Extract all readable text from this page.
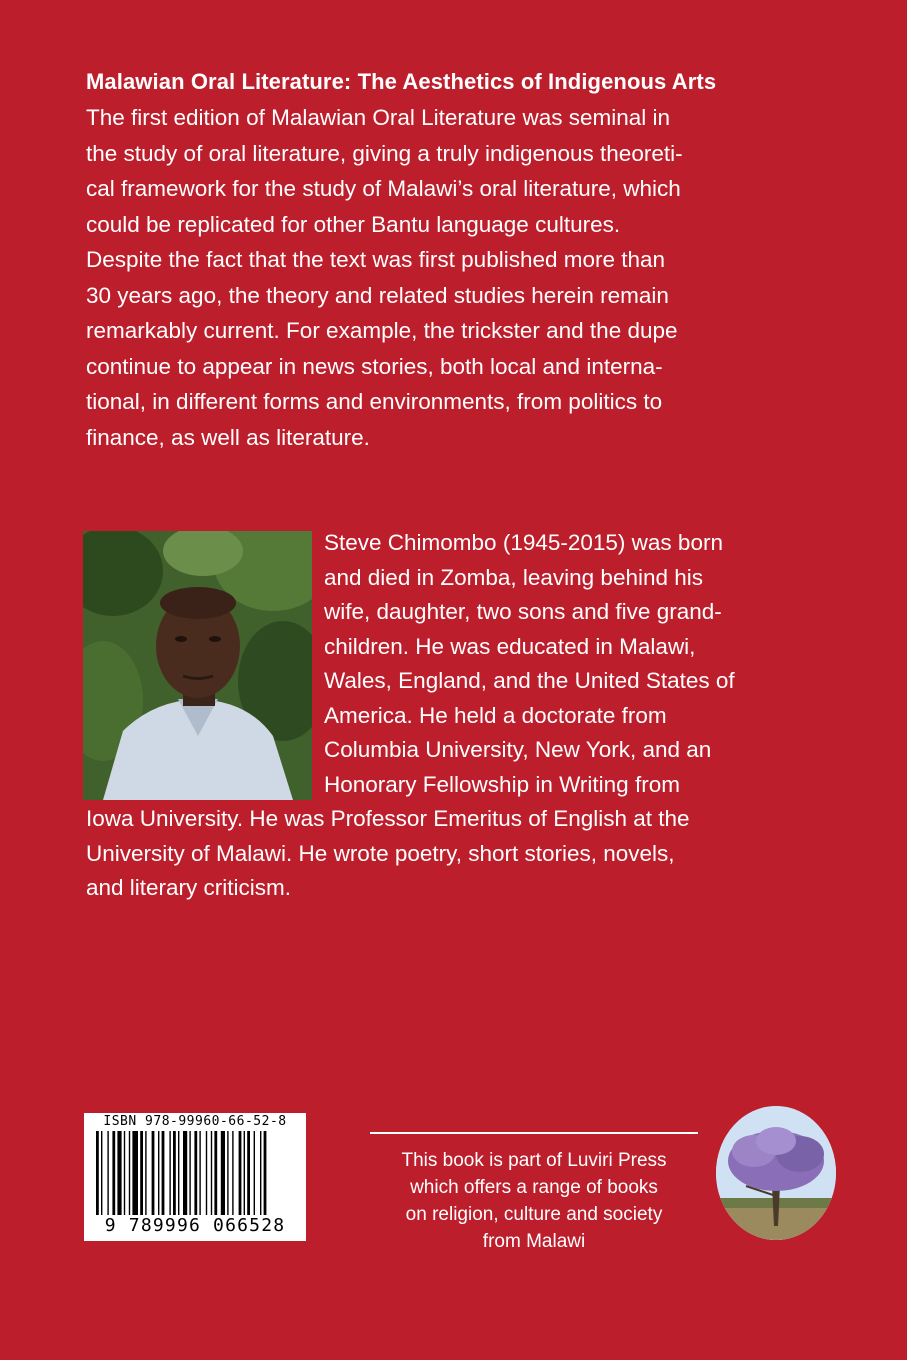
Malawian Oral Literature: The Aesthetics of Indigenous Arts
The first edition of Malawian Oral Literature was seminal in
the study of oral literature, giving a truly indigenous theoreti-
cal framework for the study of Malawi’s oral literature, which
could be replicated for other Bantu language cultures.
Despite the fact that the text was first published more than
30 years ago, the theory and related studies herein remain
remarkably current. For example, the trickster and the dupe
continue to appear in news stories, both local and interna-
tional, in different forms and environments, from politics to
finance, as well as literature.
Steve Chimombo (1945-2015) was born
and died in Zomba, leaving behind his
wife, daughter, two sons and five grand-
children. He was educated in Malawi,
Wales, England, and the United States of
America. He held a doctorate from
Columbia University, New York, and an
Honorary Fellowship in Writing from
Iowa University. He was Professor Emeritus of English at the
University of Malawi. He wrote poetry, short stories, novels,
and literary criticism.
ISBN 978-99960-66-52-8
9 789996 066528
This book is part of Luviri Press
which offers a range of books
on religion, culture and society
from Malawi
